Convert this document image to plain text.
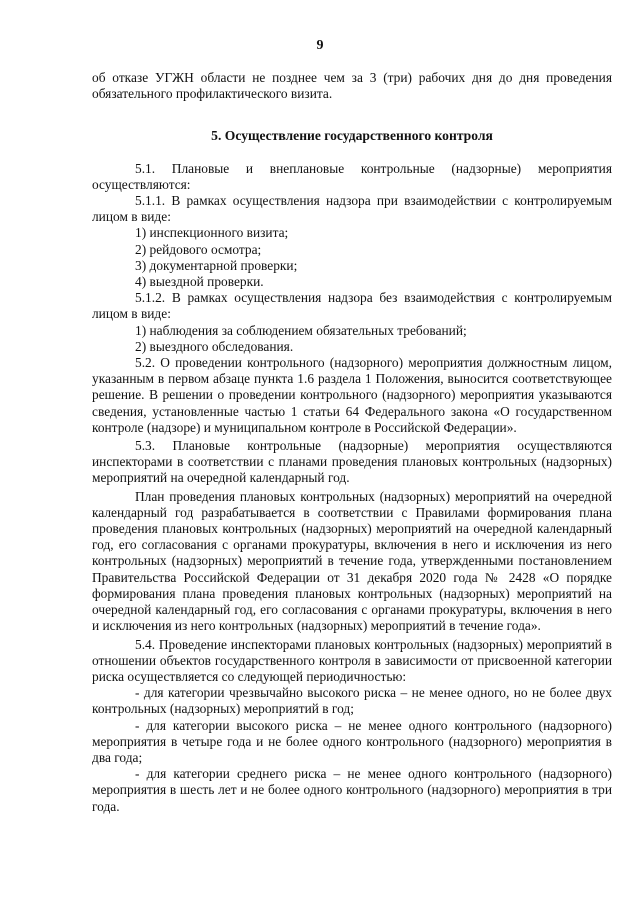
9

об отказе УГЖН области не позднее чем за 3 (три) рабочих дня до дня проведения обязательного профилактического визита.

5. Осуществление государственного контроля

5.1. Плановые и внеплановые контрольные (надзорные) мероприятия осуществляются:

5.1.1. В рамках осуществления надзора при взаимодействии с контролируемым лицом в виде:

1) инспекционного визита;

2) рейдового осмотра;

3) документарной проверки;

4) выездной проверки.

5.1.2. В рамках осуществления надзора без взаимодействия с контролируемым лицом в виде:

1) наблюдения за соблюдением обязательных требований;

2) выездного обследования.

5.2. О проведении контрольного (надзорного) мероприятия должностным лицом, указанным в первом абзаце пункта 1.6 раздела 1 Положения, выносится соответствующее решение. В решении о проведении контрольного (надзорного) мероприятия указываются сведения, установленные частью 1 статьи 64 Федерального закона «О государственном контроле (надзоре) и муниципальном контроле в Российской Федерации».

5.3. Плановые контрольные (надзорные) мероприятия осуществляются инспекторами в соответствии с планами проведения плановых контрольных (надзорных) мероприятий на очередной календарный год.

План проведения плановых контрольных (надзорных) мероприятий на очередной календарный год разрабатывается в соответствии с Правилами формирования плана проведения плановых контрольных (надзорных) мероприятий на очередной календарный год, его согласования с органами прокуратуры, включения в него и исключения из него контрольных (надзорных) мероприятий в течение года, утвержденными постановлением Правительства Российской Федерации от 31 декабря 2020 года № 2428 «О порядке формирования плана проведения плановых контрольных (надзорных) мероприятий на очередной календарный год, его согласования с органами прокуратуры, включения в него и исключения из него контрольных (надзорных) мероприятий в течение года».

5.4. Проведение инспекторами плановых контрольных (надзорных) мероприятий в отношении объектов государственного контроля в зависимости от присвоенной категории риска осуществляется со следующей периодичностью:

- для категории чрезвычайно высокого риска – не менее одного, но не более двух контрольных (надзорных) мероприятий в год;

- для категории высокого риска – не менее одного контрольного (надзорного) мероприятия в четыре года и не более одного контрольного (надзорного) мероприятия в два года;

- для категории среднего риска – не менее одного контрольного (надзорного) мероприятия в шесть лет и не более одного контрольного (надзорного) мероприятия в три года.
